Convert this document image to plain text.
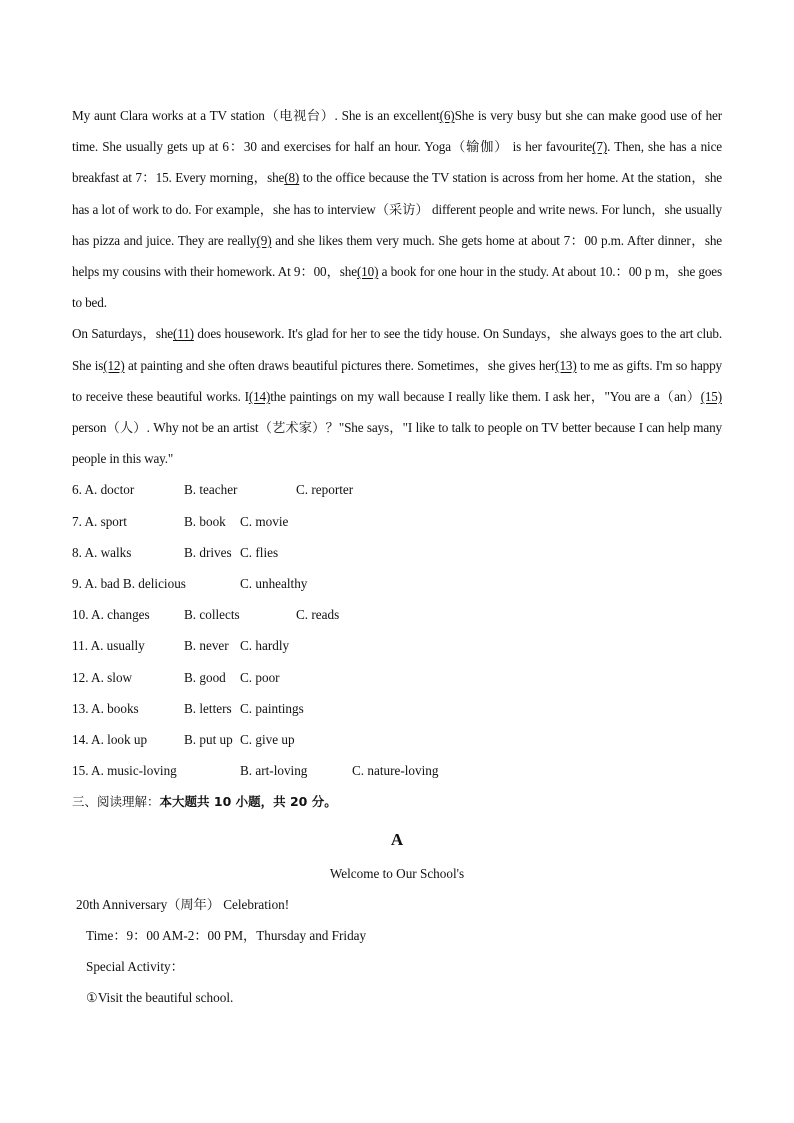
My aunt Clara works at a TV station（电视台）. She is an excellent(6)She is very busy but she can make good use of her time. She usually gets up at 6：30 and exercises for half an hour. Yoga（输伽） is her favourite(7). Then, she has a nice breakfast at 7：15. Every morning，she(8) to the office because the TV station is across from her home. At the station，she has a lot of work to do. For example，she has to interview（采访） different people and write news. For lunch，she usually has pizza and juice. They are really(9) and she likes them very much. She gets home at about 7：00 p.m. After dinner，she helps my cousins with their homework. At 9：00，she(10) a book for one hour in the study. At about 10.：00 p m，she goes to bed.

On Saturdays，she(11) does housework. It's glad for her to see the tidy house. On Sundays，she always goes to the art club. She is(12) at painting and she often draws beautiful pictures there. Sometimes，she gives her(13) to me as gifts. I'm so happy to receive these beautiful works. I(14)the paintings on my wall because I really like them. I ask her，"You are a（an）(15) person（人）. Why not be an artist（艺术家）？"She says，"I like to talk to people on TV better because I can help many people in this way."

6. A. doctor	B. teacher	C. reporter
7. A. sport	B. book C. movie
8. A. walks	B. drives C. flies
9. A. bad B. delicious	C. unhealthy
10. A. changes	B. collects	C. reads
11. A. usually	B. never C. hardly
12. A. slow	B. good C. poor
13. A. books	B. letters C. paintings
14. A. look up	B. put up C. give up
15. A. music-loving	B. art-loving	C. nature-loving

三、阅读理解：本大题共 10 小题，共 20 分。

A

Welcome to Our School's

20th Anniversary（周年） Celebration!

Time：9：00 AM-2：00 PM，Thursday and Friday

Special Activity：

①Visit the beautiful school.
